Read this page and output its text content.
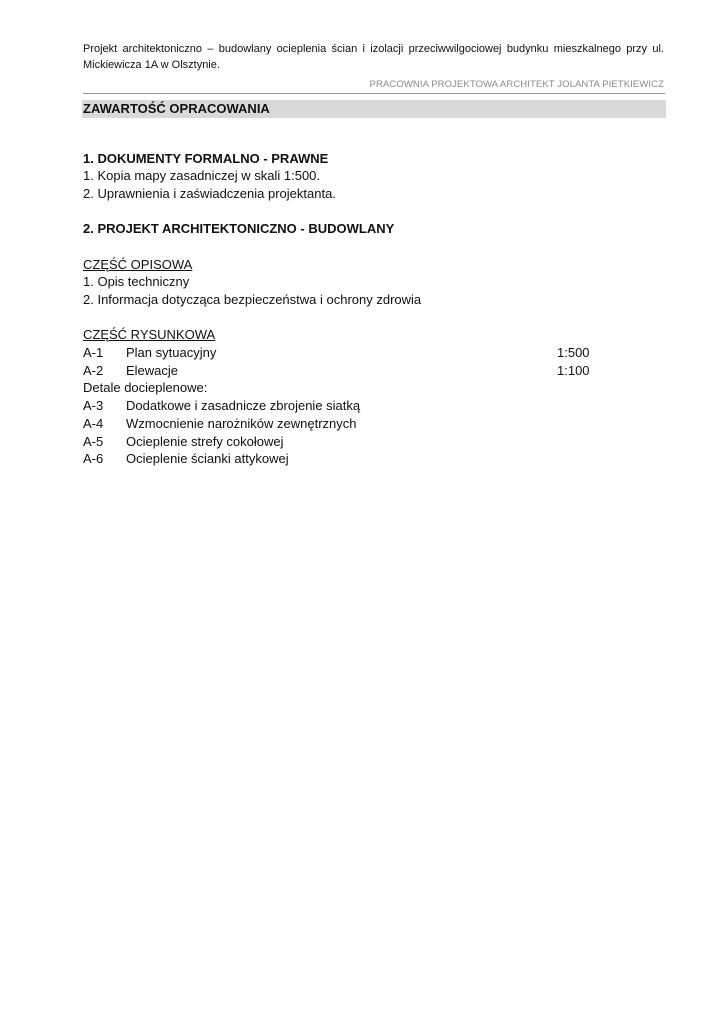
Projekt architektoniczno – budowlany ocieplenia ścian i izolacji przeciwwilgociowej budynku mieszkalnego przy ul. Mickiewicza 1A w Olsztynie.
PRACOWNIA PROJEKTOWA ARCHITEKT JOLANTA PIETKIEWICZ
ZAWARTOŚĆ OPRACOWANIA
1. DOKUMENTY FORMALNO - PRAWNE
1. Kopia mapy zasadniczej w skali 1:500.
2. Uprawnienia i zaświadczenia projektanta.
2. PROJEKT ARCHITEKTONICZNO - BUDOWLANY
CZĘŚĆ OPISOWA
1. Opis techniczny
2. Informacja dotycząca bezpieczeństwa i ochrony zdrowia
CZĘŚĆ RYSUNKOWA
A-1 Plan sytuacyjny	1:500
A-2 Elewacje	1:100
Detale docieplenowe:
A-3 Dodatkowe i zasadnicze zbrojenie siatką
A-4 Wzmocnienie narożników zewnętrznych
A-5 Ocieplenie strefy cokołowej
A-6 Ocieplenie ścianki attykowej
